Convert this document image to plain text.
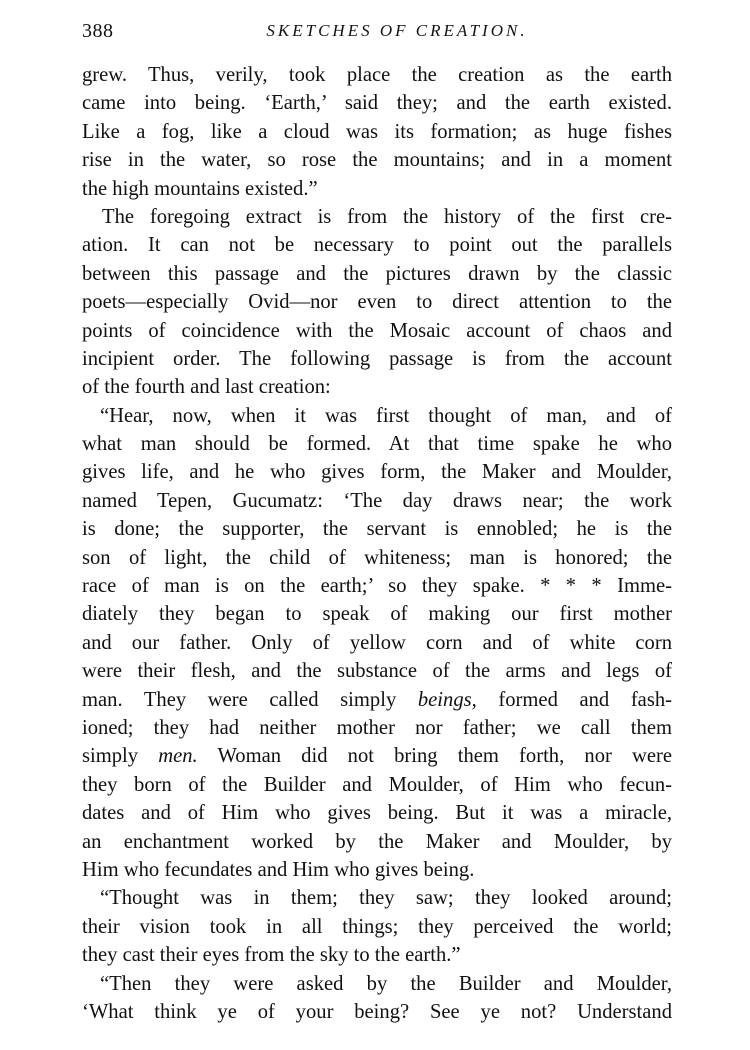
388	SKETCHES OF CREATION.
grew. Thus, verily, took place the creation as the earth
came into being. ‘Earth,’ said they; and the earth existed.
Like a fog, like a cloud was its formation; as huge fishes
rise in the water, so rose the mountains; and in a moment
the high mountains existed.”
The foregoing extract is from the history of the first cre-
ation. It can not be necessary to point out the parallels
between this passage and the pictures drawn by the classic
poets—especially Ovid—nor even to direct attention to the
points of coincidence with the Mosaic account of chaos and
incipient order. The following passage is from the account
of the fourth and last creation:
“Hear, now, when it was first thought of man, and of
what man should be formed. At that time spake he who
gives life, and he who gives form, the Maker and Moulder,
named Tepen, Gucumatz: ‘The day draws near; the work
is done; the supporter, the servant is ennobled; he is the
son of light, the child of whiteness; man is honored; the
race of man is on the earth;’ so they spake. * * * Imme-
diately they began to speak of making our first mother
and our father. Only of yellow corn and of white corn
were their flesh, and the substance of the arms and legs of
man. They were called simply beings, formed and fash-
ioned; they had neither mother nor father; we call them
simply men. Woman did not bring them forth, nor were
they born of the Builder and Moulder, of Him who fecun-
dates and of Him who gives being. But it was a miracle,
an enchantment worked by the Maker and Moulder, by
Him who fecundates and Him who gives being.
“Thought was in them; they saw; they looked around;
their vision took in all things; they perceived the world;
they cast their eyes from the sky to the earth.”
“Then they were asked by the Builder and Moulder,
‘What think ye of your being? See ye not? Understand
